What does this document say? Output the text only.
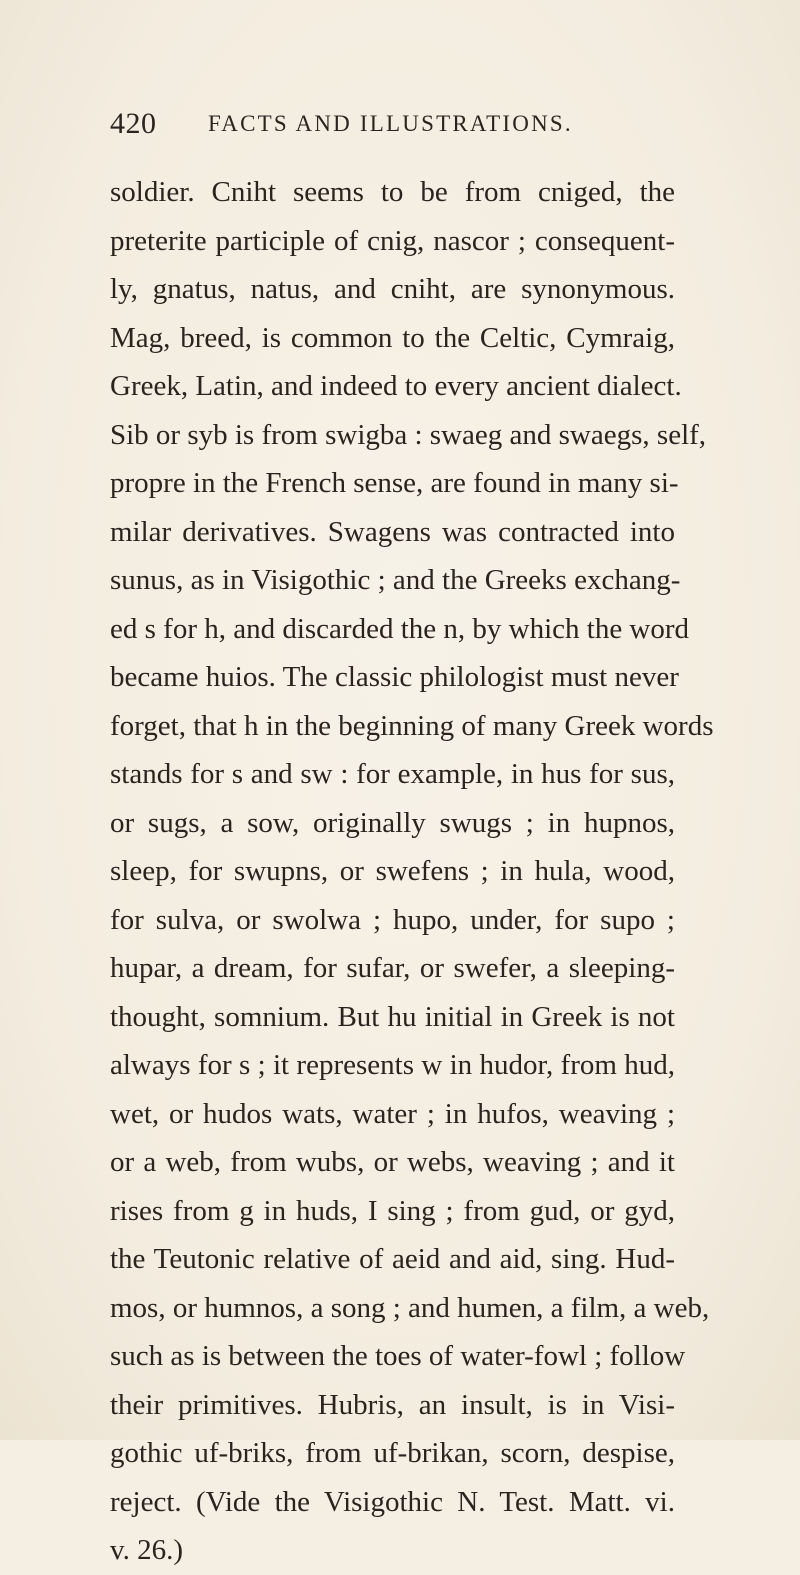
420 FACTS AND ILLUSTRATIONS.
soldier. Cniht seems to be from cniged, the
preterite participle of cnig, nascor ; consequent-
ly, gnatus, natus, and cniht, are synonymous.
Mag, breed, is common to the Celtic, Cymraig,
Greek, Latin, and indeed to every ancient dialect.
Sib or syb is from swigba : swaeg and swaegs, self,
propre in the French sense, are found in many si-
milar derivatives. Swagens was contracted into
sunus, as in Visigothic ; and the Greeks exchang-
ed s for h, and discarded the n, by which the word
became huios. The classic philologist must never
forget, that h in the beginning of many Greek words
stands for s and sw : for example, in hus for sus,
or sugs, a sow, originally swugs ; in hupnos,
sleep, for swupns, or swefens ; in hula, wood,
for sulva, or swolwa ; hupo, under, for supo ;
hupar, a dream, for sufar, or swefer, a sleeping-
thought, somnium. But hu initial in Greek is not
always for s ; it represents w in hudor, from hud,
wet, or hudos wats, water ; in hufos, weaving ;
or a web, from wubs, or webs, weaving ; and it
rises from g in huds, I sing ; from gud, or gyd,
the Teutonic relative of aeid and aid, sing. Hud-
mos, or humnos, a song ; and humen, a film, a web,
such as is between the toes of water-fowl ; follow
their primitives. Hubris, an insult, is in Visi-
gothic uf-briks, from uf-brikan, scorn, despise,
reject. (Vide the Visigothic N. Test. Matt. vi.
v. 26.)
